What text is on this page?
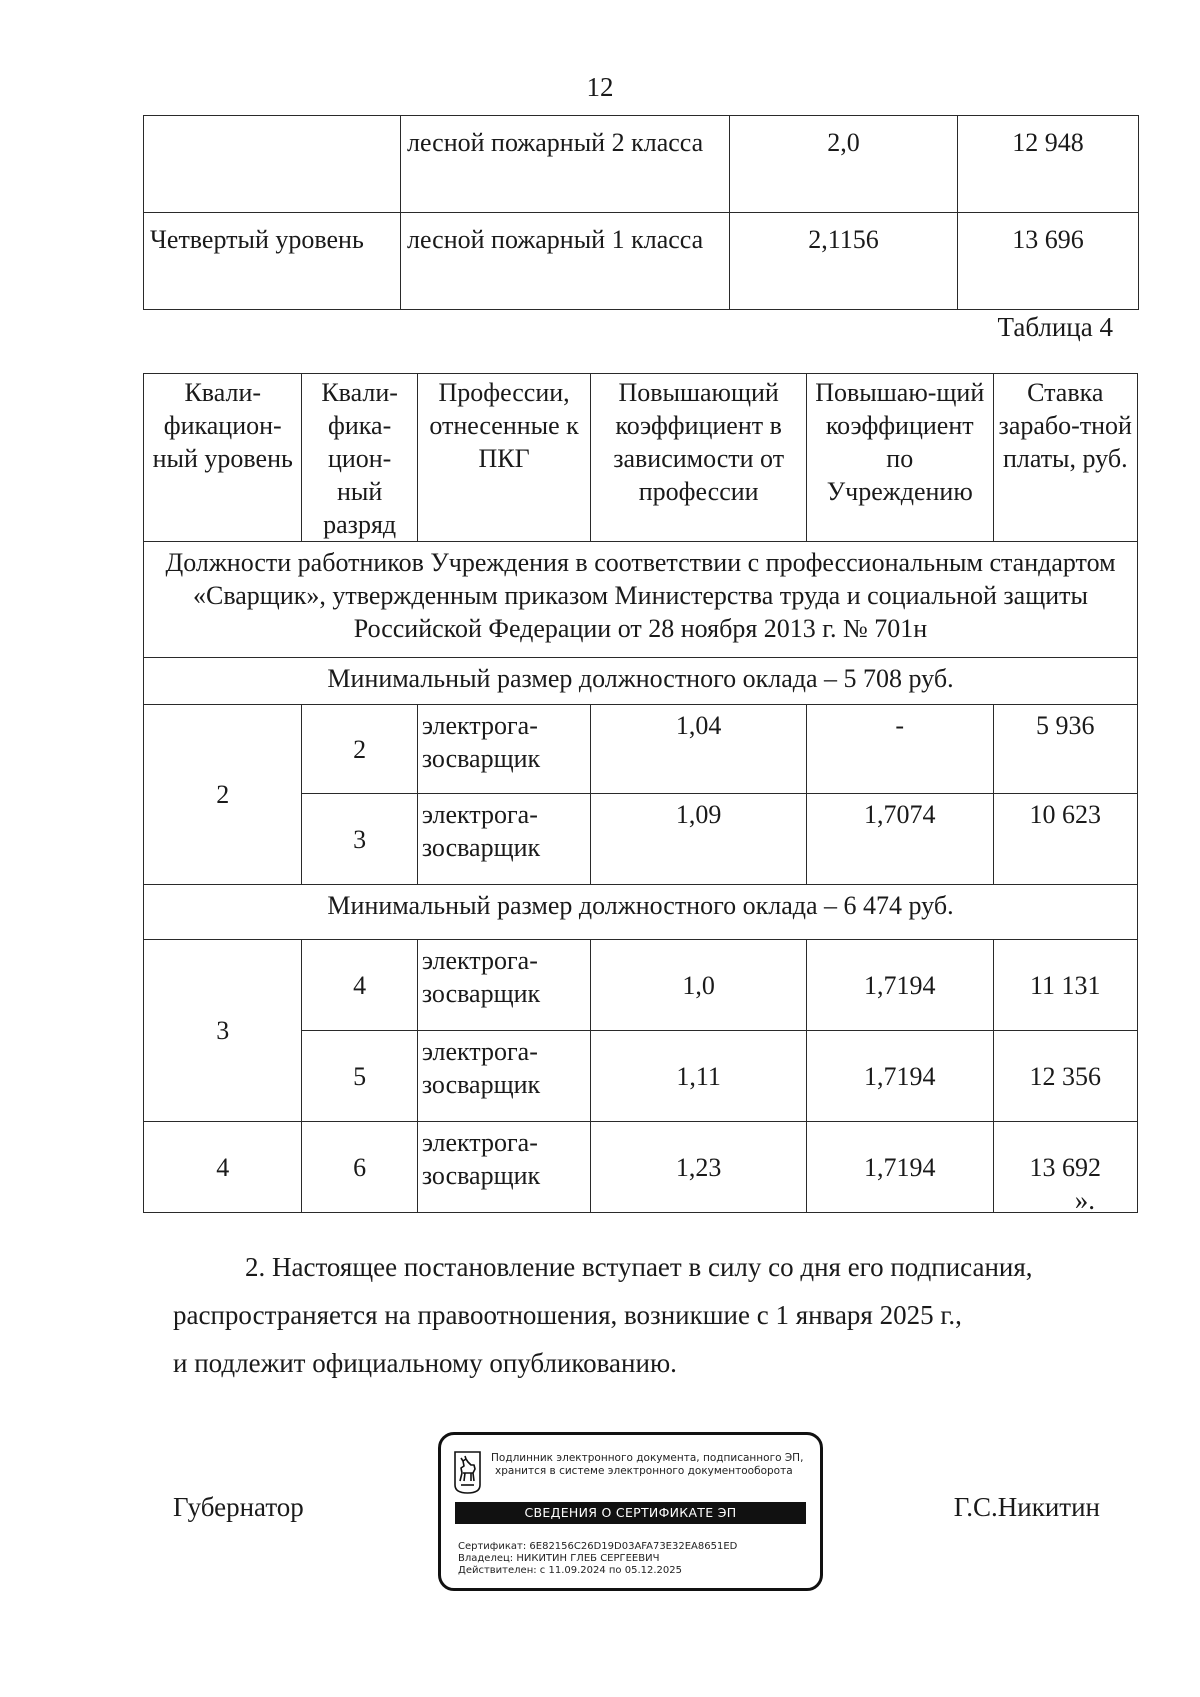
12
	лесной пожарный 2 класса	2,0	12 948
Четвертый уровень	лесной пожарный 1 класса	2,1156	13 696
Таблица 4
Квали-фикацион-ный уровень	Квали-фика-цион-ный разряд	Профессии, отнесенные к ПКГ	Повышающий коэффициент в зависимости от профессии	Повышаю-щий коэффициент по Учреждению	Ставка зарабо-тной платы, руб.
Должности работников Учреждения в соответствии с профессиональным стандартом «Сварщик», утвержденным приказом Министерства труда и социальной защиты Российской Федерации от 28 ноября 2013 г. № 701н					
Минимальный размер должностного оклада – 5 708 руб.					
2	2	электрога-зосварщик	1,04	-	5 936
	3	электрога-зосварщик	1,09	1,7074	10 623
Минимальный размер должностного оклада – 6 474 руб.					
3	4	электрога-зосварщик	1,0	1,7194	11 131
	5	электрога-зосварщик	1,11	1,7194	12 356
4	6	электрога-зосварщик	1,23	1,7194	13 692
».

2. Настоящее постановление вступает в силу со дня его подписания,

распространяется на правоотношения, возникшие с 1 января 2025 г.,

и подлежит официальному опубликованию.

Губернатор	Г.С.Никитин
Подлинник электронного документа, подписанного ЭП,
хранится в системе электронного документооборота
СВЕДЕНИЯ О СЕРТИФИКАТЕ ЭП
Сертификат: 6E82156C26D19D03AFA73E32EA8651ED
Владелец: НИКИТИН ГЛЕБ СЕРГЕЕВИЧ
Действителен: с 11.09.2024 по 05.12.2025
